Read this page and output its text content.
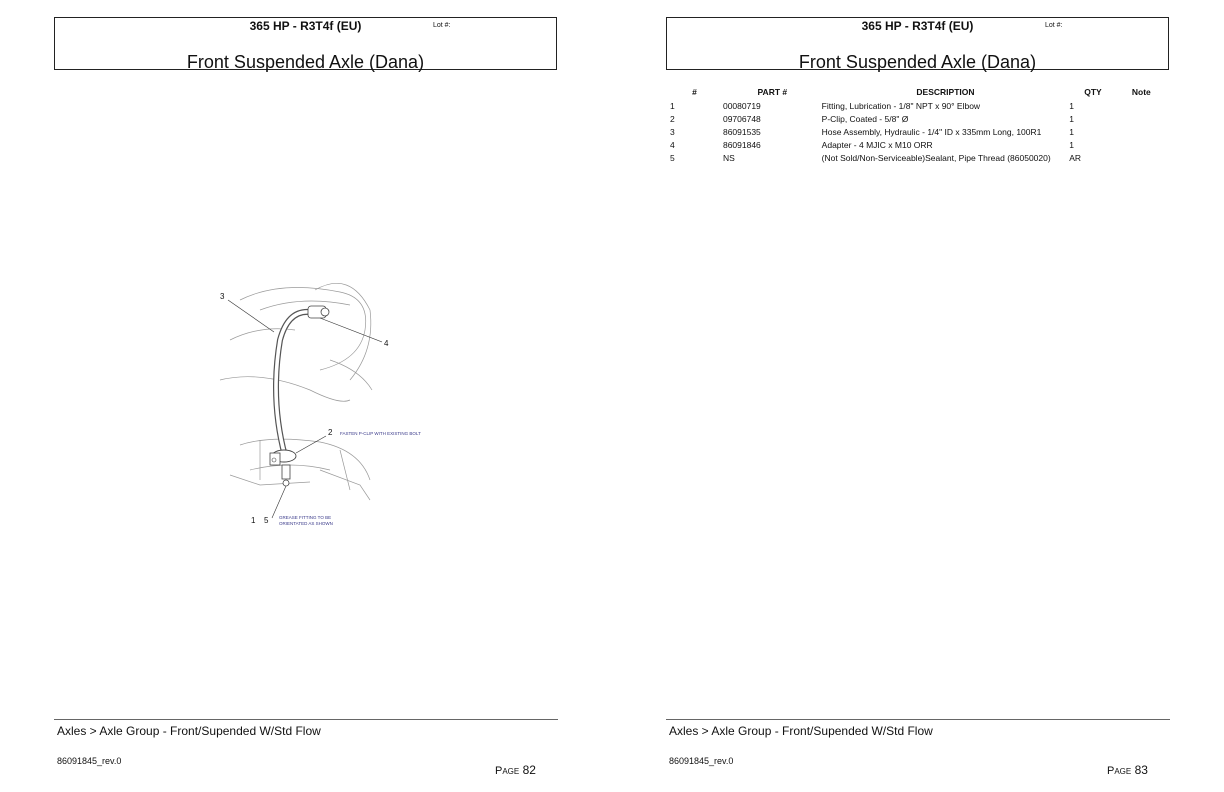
365 HP - R3T4f (EU)	Lot #:
Front Suspended Axle (Dana)
3
4
2 FASTEN P-CLIP WITH EXISTING BOLT
1 5 GREASE FITTING TO BE
ORIENTATED AS SHOWN
Axles > Axle Group - Front/Supended W/Std Flow
86091845_rev.0
Page 82
365 HP - R3T4f (EU)	Lot #:
Front Suspended Axle (Dana)
Axles > Axle Group - Front/Supended W/Std Flow
86091845_rev.0
Page 83
#	PART #	DESCRIPTION	QTY	Note
1	00080719	Fitting, Lubrication - 1/8" NPT x 90° Elbow	1	
2	09706748	P-Clip, Coated - 5/8" Ø	1	
3	86091535	Hose Assembly, Hydraulic - 1/4" ID x 335mm Long, 100R1	1	
4	86091846	Adapter - 4 MJIC x M10 ORR	1	
5	NS	(Not Sold/Non-Serviceable)Sealant, Pipe Thread (86050020)	AR	
